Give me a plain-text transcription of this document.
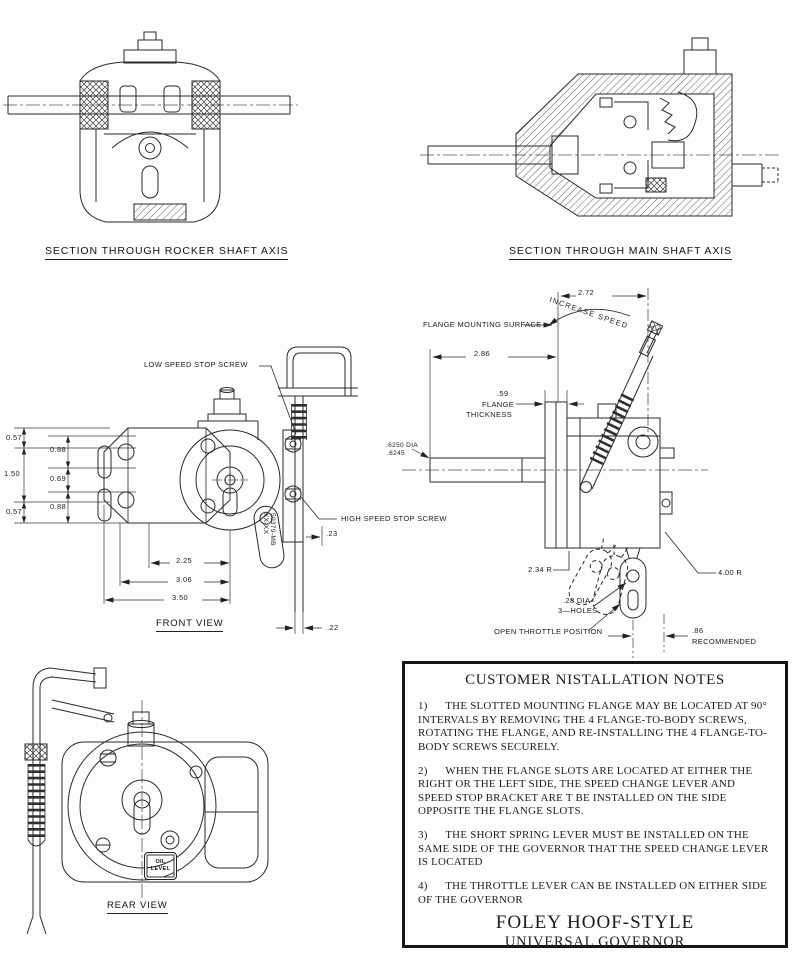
SECTION THROUGH ROCKER SHAFT AXIS	SECTION THROUGH MAIN SHAFT AXIS
LOW SPEED STOP SCREW
HIGH SPEED STOP SCREW
0.57
0.88
1.50
0.69
0.88
0.57
2.25
3.06
3.50
.23
.22
FRONT VIEW
50379-MB
XX-XX
FLANGE MOUNTING SURFACE INCREASE SPEED
2.72
2.86
.59
FLANGE
THICKNESS
.6250 DIA
.6245
2.34 R	4.00 R
.28 DIA
3—HOLES
OPEN THROTTLE POSITION	.86
RECOMMENDED
OIL
LEVEL
REAR VIEW
CUSTOMER NISTALLATION NOTES

1)      THE SLOTTED MOUNTING FLANGE MAY BE LOCATED AT 90° INTERVALS BY REMOVING THE 4 FLANGE-TO-BODY SCREWS, ROTATING THE FLANGE, AND RE-INSTALLING THE 4 FLANGE-TO-BODY SCREWS SECURELY.

2)      WHEN THE FLANGE SLOTS ARE LOCATED AT EITHER THE RIGHT OR THE LEFT SIDE, THE SPEED CHANGE LEVER AND SPEED STOP BRACKET ARE T BE INSTALLED ON THE SIDE OPPOSITE THE FLANGE SLOTS.

3)      THE SHORT SPRING LEVER MUST BE INSTALLED ON THE SAME SIDE OF THE GOVERNOR THAT THE SPEED CHANGE LEVER IS LOCATED

4)      THE THROTTLE LEVER CAN BE INSTALLED ON EITHER SIDE OF THE GOVERNOR

FOLEY HOOF-STYLE
UNIVERSAL GOVERNOR
